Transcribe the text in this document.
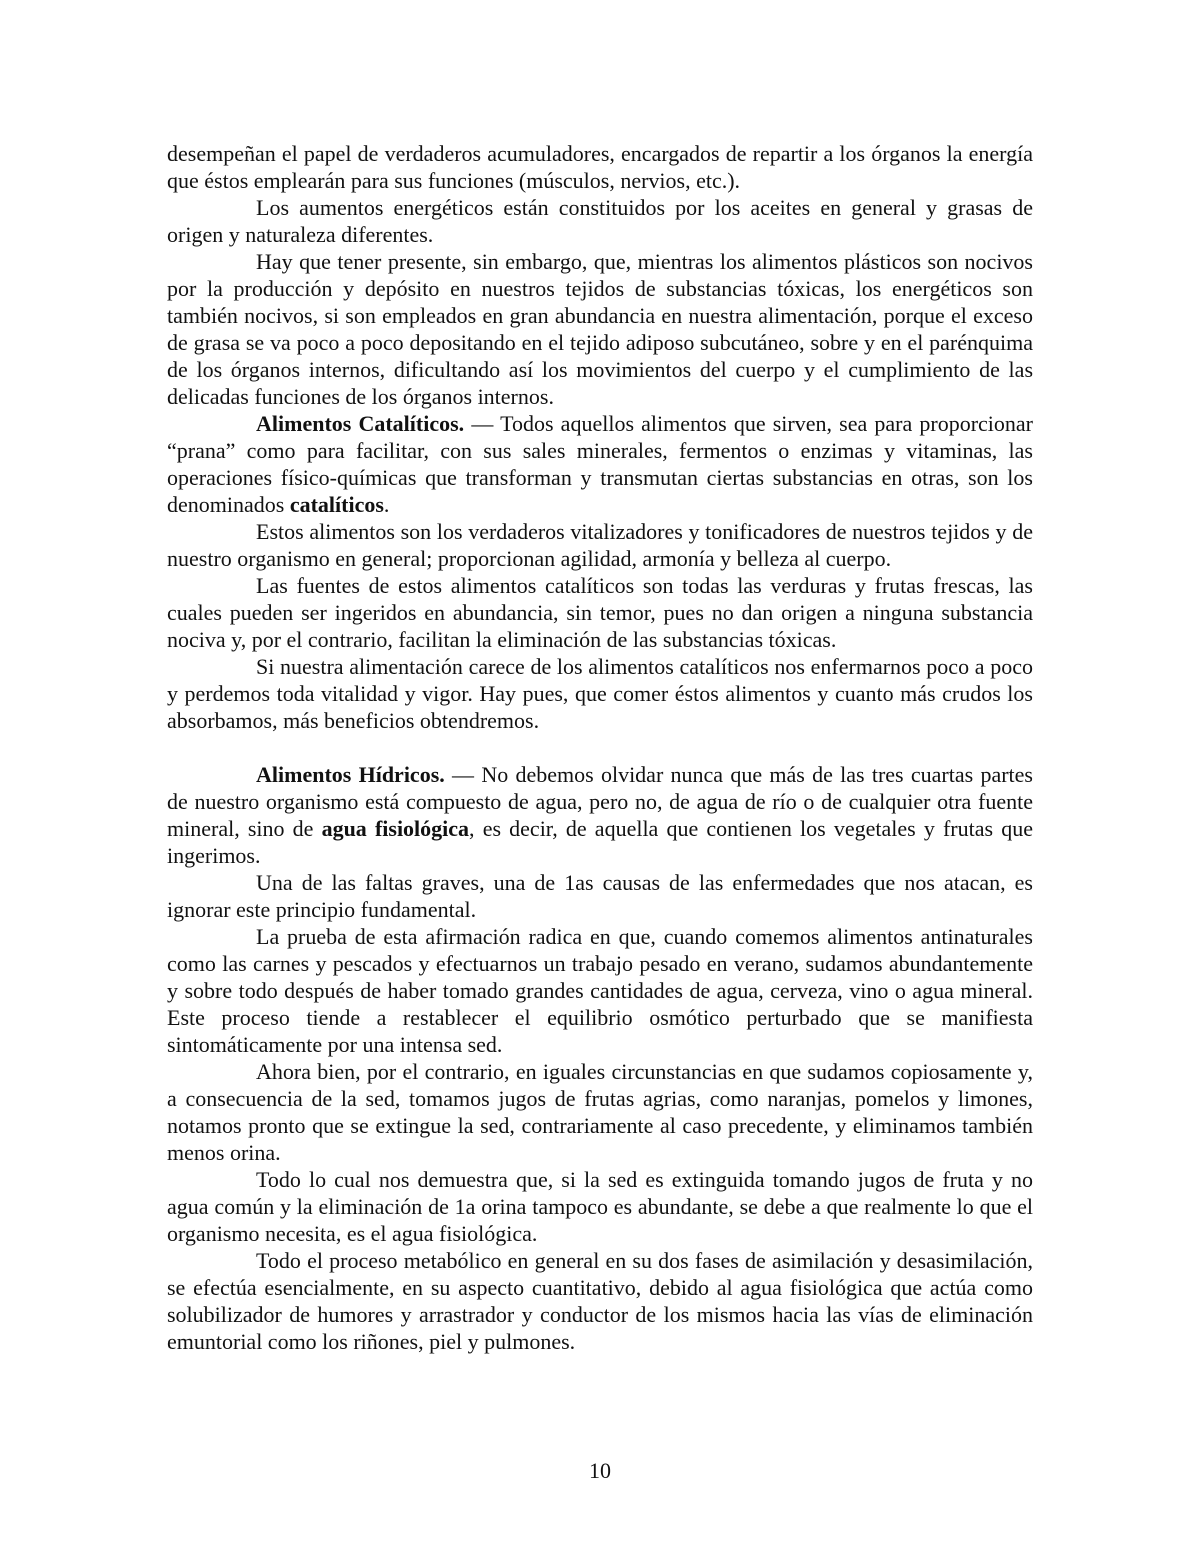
desempeñan el papel de verdaderos acumuladores, encargados de repartir a los órganos la energía que éstos emplearán para sus funciones (músculos, nervios, etc.).

Los aumentos energéticos están constituidos por los aceites en general y grasas de origen y naturaleza diferentes.

Hay que tener presente, sin embargo, que, mientras los alimentos plásticos son nocivos por la producción y depósito en nuestros tejidos de substancias tóxicas, los energéticos son también nocivos, si son empleados en gran abundancia en nuestra alimentación, porque el exceso de grasa se va poco a poco depositando en el tejido adiposo subcutáneo, sobre y en el parénquima de los órganos internos, dificultando así los movimientos del cuerpo y el cumplimiento de las delicadas funciones de los órganos internos.

Alimentos Catalíticos. — Todos aquellos alimentos que sirven, sea para proporcionar “prana” como para facilitar, con sus sales minerales, fermentos o enzimas y vitaminas, las operaciones físico-químicas que transforman y transmutan ciertas substancias en otras, son los denominados catalíticos.

Estos alimentos son los verdaderos vitalizadores y tonificadores de nuestros tejidos y de nuestro organismo en general; proporcionan agilidad, armonía y belleza al cuerpo.

Las fuentes de estos alimentos catalíticos son todas las verduras y frutas frescas, las cuales pueden ser ingeridos en abundancia, sin temor, pues no dan origen a ninguna substancia nociva y, por el contrario, facilitan la eliminación de las substancias tóxicas.

Si nuestra alimentación carece de los alimentos catalíticos nos enfermarnos poco a poco y perdemos toda vitalidad y vigor. Hay pues, que comer éstos alimentos y cuanto más crudos los absorbamos, más beneficios obtendremos.

Alimentos Hídricos. — No debemos olvidar nunca que más de las tres cuartas partes de nuestro organismo está compuesto de agua, pero no, de agua de río o de cualquier otra fuente mineral, sino de agua fisiológica, es decir, de aquella que contienen los vegetales y frutas que ingerimos.

Una de las faltas graves, una de 1as causas de las enfermedades que nos atacan, es ignorar este principio fundamental.

La prueba de esta afirmación radica en que, cuando comemos alimentos antinaturales como las carnes y pescados y efectuarnos un trabajo pesado en verano, sudamos abundantemente y sobre todo después de haber tomado grandes cantidades de agua, cerveza, vino o agua mineral. Este proceso tiende a restablecer el equilibrio osmótico perturbado que se manifiesta sintomáticamente por una intensa sed.

Ahora bien, por el contrario, en iguales circunstancias en que sudamos copiosamente y, a consecuencia de la sed, tomamos jugos de frutas agrias, como naranjas, pomelos y limones, notamos pronto que se extingue la sed, contrariamente al caso precedente, y eliminamos también menos orina.

Todo lo cual nos demuestra que, si la sed es extinguida tomando jugos de fruta y no agua común y la eliminación de 1a orina tampoco es abundante, se debe a que realmente lo que el organismo necesita, es el agua fisiológica.

Todo el proceso metabólico en general en su dos fases de asimilación y desasimilación, se efectúa esencialmente, en su aspecto cuantitativo, debido al agua fisiológica que actúa como solubilizador de humores y arrastrador y conductor de los mismos hacia las vías de eliminación emuntorial como los riñones, piel y pulmones.

10
